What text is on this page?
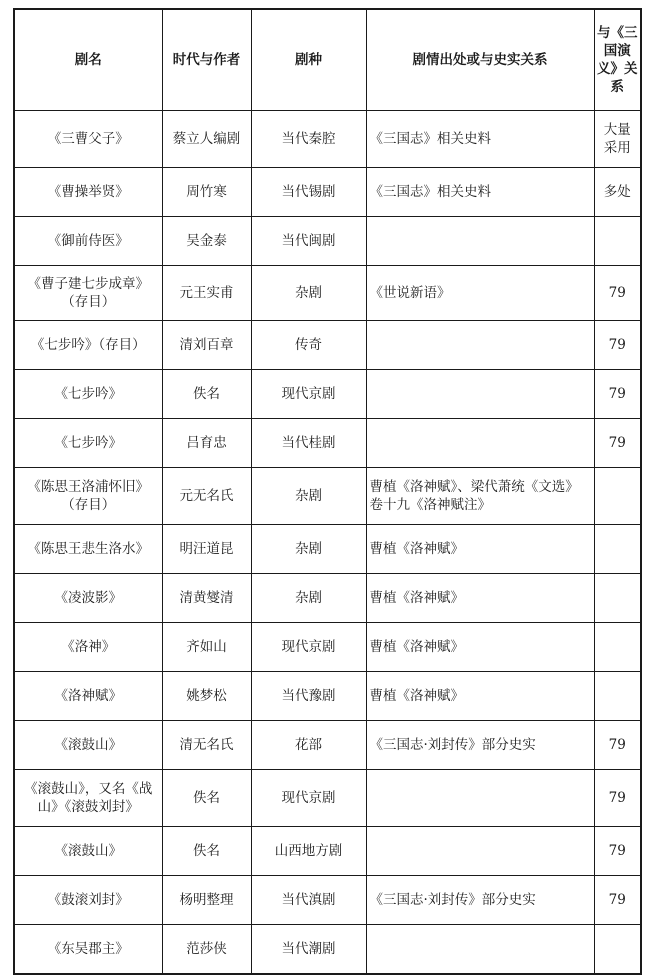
剧名	时代与作者	剧种	剧情出处或与史实关系	与《三国演义》关系
《三曹父子》	蔡立人编剧	当代秦腔	《三国志》相关史料	大量采用
《曹操举贤》	周竹寒	当代锡剧	《三国志》相关史料	多处
《御前侍医》	吴金泰	当代闽剧		
《曹子建七步成章》（存目）	元王实甫	杂剧	《世说新语》	79
《七步吟》（存目）	清刘百章	传奇		79
《七步吟》	佚名	现代京剧		79
《七步吟》	吕育忠	当代桂剧		79
《陈思王洛浦怀旧》（存目）	元无名氏	杂剧	曹植《洛神赋》、梁代萧统《文选》卷十九《洛神赋注》	
《陈思王悲生洛水》	明汪道昆	杂剧	曹植《洛神赋》	
《凌波影》	清黄燮清	杂剧	曹植《洛神赋》	
《洛神》	齐如山	现代京剧	曹植《洛神赋》	
《洛神赋》	姚梦松	当代豫剧	曹植《洛神赋》	
《滚鼓山》	清无名氏	花部	《三国志·刘封传》部分史实	79
《滚鼓山》，又名《战山》《滚鼓刘封》	佚名	现代京剧		79
《滚鼓山》	佚名	山西地方剧		79
《鼓滚刘封》	杨明整理	当代滇剧	《三国志·刘封传》部分史实	79
《东吴郡主》	范莎侠	当代潮剧		
